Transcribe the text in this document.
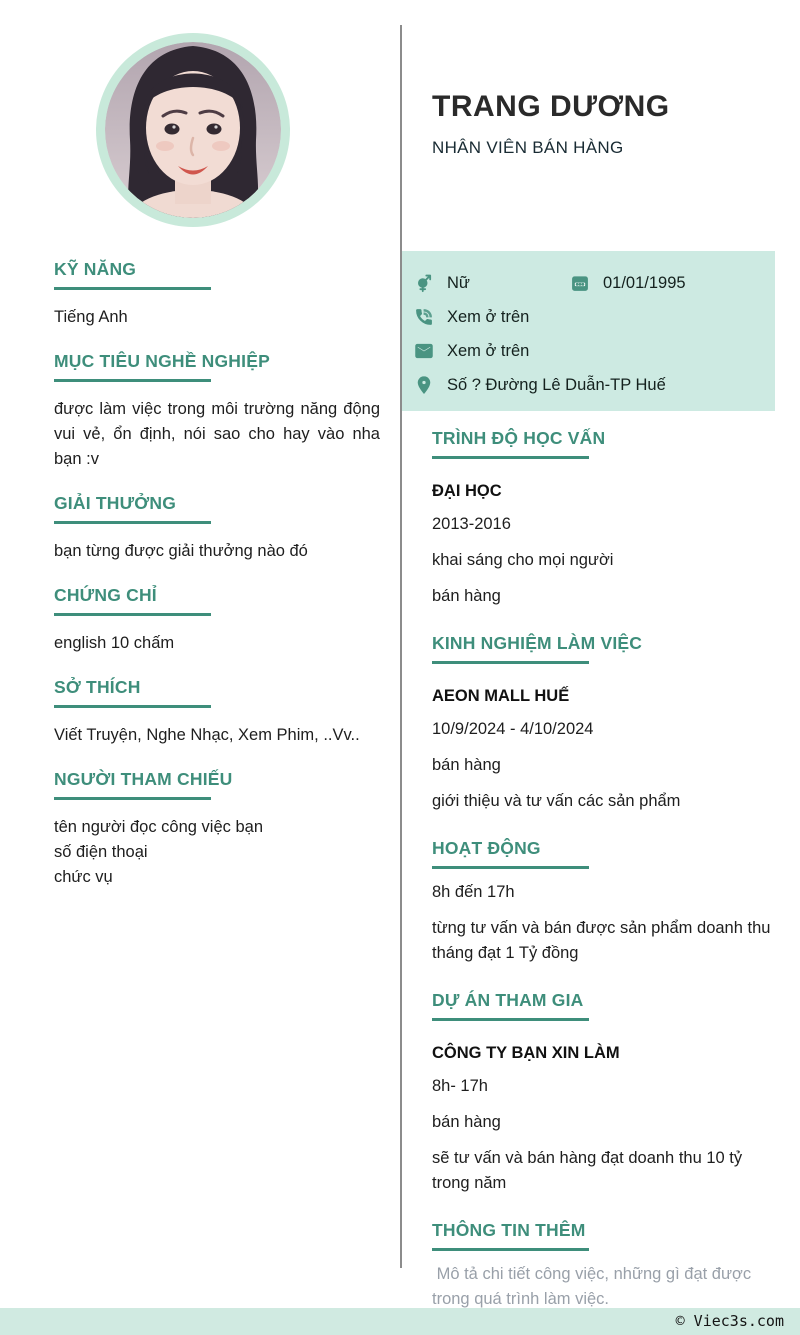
KỸ NĂNG

Tiếng Anh

MỤC TIÊU NGHỀ NGHIỆP

được làm việc trong môi trường năng động vui vẻ, ổn định, nói sao cho hay vào nha bạn :v

GIẢI THƯỞNG

bạn từng được giải thưởng nào đó

CHỨNG CHỈ

english 10 chấm

SỞ THÍCH

Viết Truyện, Nghe Nhạc, Xem Phim, ..Vv..

NGƯỜI THAM CHIẾU

tên người đọc công việc bạn

số điện thoại

chức vụ

TRANG DƯƠNG
NHÂN VIÊN BÁN HÀNG
Nữ	01/01/1995
Xem ở trên
Xem ở trên
Số ? Đường Lê Duẫn-TP Huế
TRÌNH ĐỘ HỌC VẤN
ĐẠI HỌC

2013-2016

khai sáng cho mọi người

bán hàng

KINH NGHIỆM LÀM VIỆC
AEON MALL HUẾ

10/9/2024 - 4/10/2024

bán hàng

giới thiệu và tư vấn các sản phẩm

HOẠT ĐỘNG

8h đến 17h

từng tư vấn và bán được sản phẩm doanh thu tháng đạt 1 Tỷ đồng

DỰ ÁN THAM GIA
CÔNG TY BẠN XIN LÀM

8h- 17h

bán hàng

sẽ tư vấn và bán hàng đạt doanh thu 10 tỷ trong năm

THÔNG TIN THÊM

Mô tả chi tiết công việc, những gì đạt được trong quá trình làm việc.

© Viec3s.com
